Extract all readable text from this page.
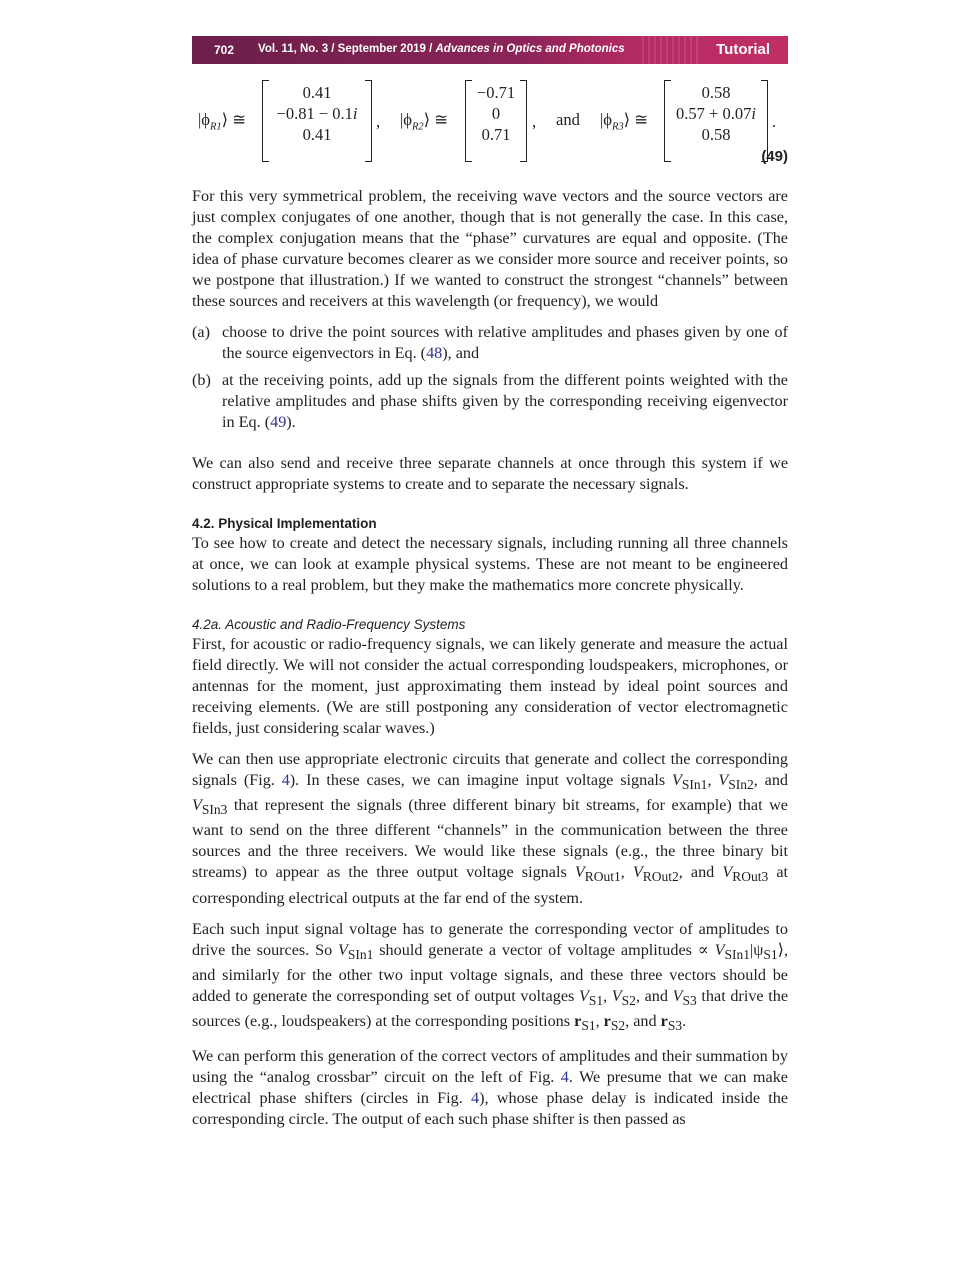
702 Vol. 11, No. 3 / September 2019 / Advances in Optics and Photonics	Tutorial
$|\phi_{R1}⟩$ ≅
0.41
−0.81 − 0.1i
0.41
, $|\phi_{R2}⟩$ ≅
−0.71
0
0.71
, and $|\phi_{R3}⟩$ ≅
0.58
0.57 + 0.07i
0.58
.
(49)

For this very symmetrical problem, the receiving wave vectors and the source vectors are just complex conjugates of one another, though that is not generally the case. In this case, the complex conjugation means that the “phase” curvatures are equal and opposite. (The idea of phase curvature becomes clearer as we consider more source and receiver points, so we postpone that illustration.) If we wanted to construct the strongest “channels” between these sources and receivers at this wavelength (or frequency), we would

(a) choose to drive the point sources with relative amplitudes and phases given by one of the source eigenvectors in Eq. (48), and
(b) at the receiving points, add up the signals from the different points weighted with the relative amplitudes and phase shifts given by the corresponding receiving eigenvector in Eq. (49).

We can also send and receive three separate channels at once through this system if we construct appropriate systems to create and to separate the necessary signals.

4.2. Physical Implementation

To see how to create and detect the necessary signals, including running all three channels at once, we can look at example physical systems. These are not meant to be engineered solutions to a real problem, but they make the mathematics more concrete physically.

4.2a. Acoustic and Radio-Frequency Systems

First, for acoustic or radio-frequency signals, we can likely generate and measure the actual field directly. We will not consider the actual corresponding loudspeakers, microphones, or antennas for the moment, just approximating them instead by ideal point sources and receiving elements. (We are still postponing any consideration of vector electromagnetic fields, just considering scalar waves.)

We can then use appropriate electronic circuits that generate and collect the corresponding signals (Fig. 4). In these cases, we can imagine input voltage signals $V_{SIn1}$, $V_{SIn2}$, and $V_{SIn3}$ that represent the signals (three different binary bit streams, for example) that we want to send on the three different “channels” in the communication between the three sources and the three receivers. We would like these signals (e.g., the three binary bit streams) to appear as the three output voltage signals $V_{ROut1}$, $V_{ROut2}$, and $V_{ROut3}$ at corresponding electrical outputs at the far end of the system.

Each such input signal voltage has to generate the corresponding vector of amplitudes to drive the sources. So $V_{SIn1}$ should generate a vector of voltage amplitudes ∝ $V_{SIn1}|\psi_{S1}⟩$, and similarly for the other two input voltage signals, and these three vectors should be added to generate the corresponding set of output voltages $V_{S1}$, $V_{S2}$, and $V_{S3}$ that drive the sources (e.g., loudspeakers) at the corresponding positions $r_{S1}$, $r_{S2}$, and $r_{S3}$.

We can perform this generation of the correct vectors of amplitudes and their summation by using the “analog crossbar” circuit on the left of Fig. 4. We presume that we can make electrical phase shifters (circles in Fig. 4), whose phase delay is indicated inside the corresponding circle. The output of each such phase shifter is then passed as
